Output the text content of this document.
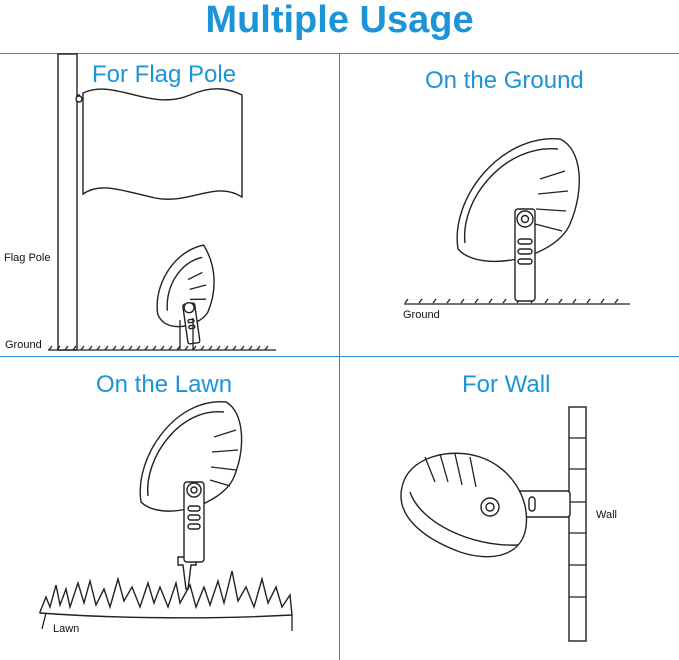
Multiple Usage
For Flag Pole
Flag Pole
Ground
On the Ground
Ground
On the Lawn
Lawn
For Wall
Wall
